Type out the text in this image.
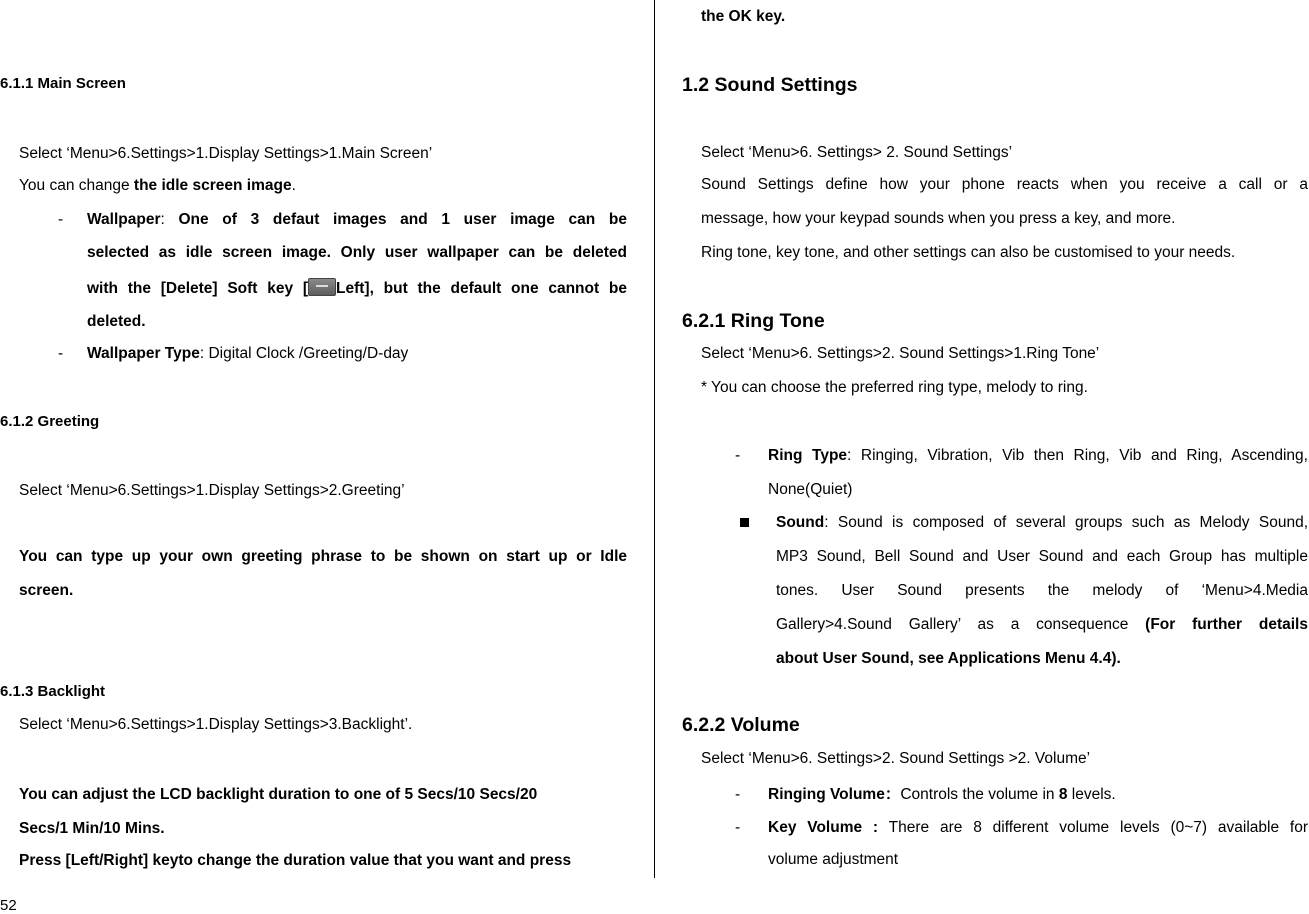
6.1.1 Main Screen
Select ‘Menu>6.Settings>1.Display Settings>1.Main Screen’
You can change the idle screen image.
- Wallpaper: One of 3 defaut images and 1 user image can be
selected as idle screen image. Only user wallpaper can be deleted
with the [Delete] Soft key [ Left], but the default one cannot be
deleted.
- Wallpaper Type: Digital Clock /Greeting/D-day
6.1.2 Greeting
Select ‘Menu>6.Settings>1.Display Settings>2.Greeting’
You can type up your own greeting phrase to be shown on start up or Idle
screen.
6.1.3 Backlight
Select ‘Menu>6.Settings>1.Display Settings>3.Backlight’.
You can adjust the LCD backlight duration to one of 5 Secs/10 Secs/20
Secs/1 Min/10 Mins.
Press [Left/Right] keyto change the duration value that you want and press
52
the OK key.
1.2 Sound Settings
Select ‘Menu>6. Settings> 2. Sound Settings’
Sound Settings define how your phone reacts when you receive a call or a
message, how your keypad sounds when you press a key, and more.
Ring tone, key tone, and other settings can also be customised to your needs.
6.2.1 Ring Tone
Select ‘Menu>6. Settings>2. Sound Settings>1.Ring Tone’
* You can choose the preferred ring type, melody to ring.
- Ring Type: Ringing, Vibration, Vib then Ring, Vib and Ring, Ascending,
None(Quiet)
Sound: Sound is composed of several groups such as Melody Sound,
MP3 Sound, Bell Sound and User Sound and each Group has multiple
tones. User Sound presents the melody of ‘Menu>4.Media
Gallery>4.Sound Gallery’ as a consequence (For further details
about User Sound, see Applications Menu 4.4).
6.2.2 Volume
Select ‘Menu>6. Settings>2. Sound Settings >2. Volume’
- Ringing Volume：Controls the volume in 8 levels.
- Key Volume : There are 8 different volume levels (0~7) available for
volume adjustment
